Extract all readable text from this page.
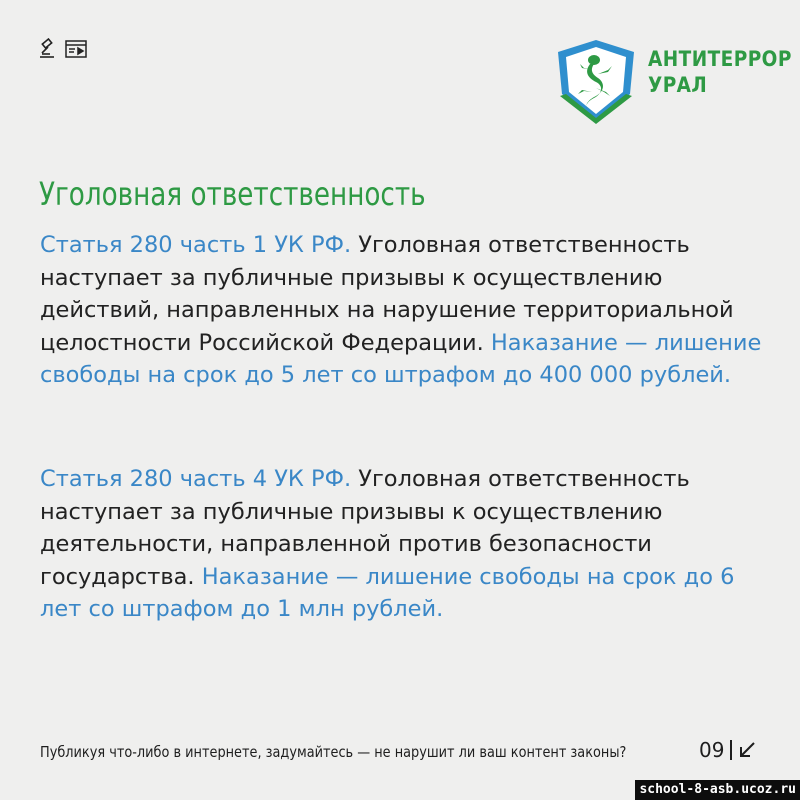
АНТИТЕРРОР
УРАЛ
Уголовная ответственность

Статья 280 часть 1 УК РФ. Уголовная ответственность наступает за публичные призывы к осуществлению действий, направленных на нарушение территориальной целостности Российской Федерации. Наказание — лишение свободы на срок до 5 лет со штрафом до 400 000 рублей.

Статья 280 часть 4 УК РФ. Уголовная ответственность наступает за публичные призывы к осуществлению деятельности, направленной против безопасности государства. Наказание — лишение свободы на срок до 6 лет со штрафом до 1 млн рублей.

Публикуя что-либо в интернете, задумайтесь — не нарушит ли ваш контент законы?	09
school-8-asb.ucoz.ru
